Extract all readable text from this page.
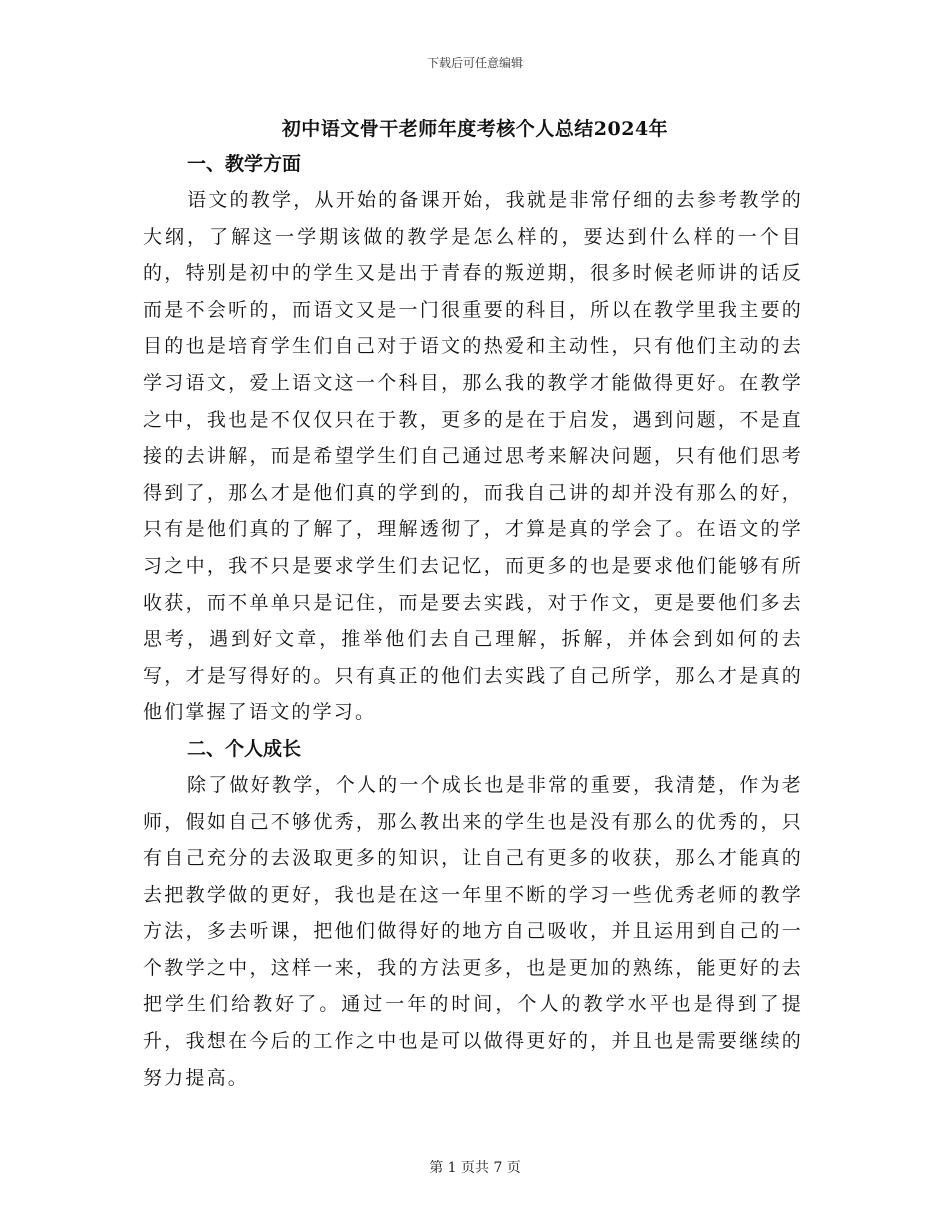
下载后可任意编辑
初中语文骨干老师年度考核个人总结2024年

一、教学方面

语文的教学，从开始的备课开始，我就是非常仔细的去参考教学的大纲，了解这一学期该做的教学是怎么样的，要达到什么样的一个目的，特别是初中的学生又是出于青春的叛逆期，很多时候老师讲的话反而是不会听的，而语文又是一门很重要的科目，所以在教学里我主要的目的也是培育学生们自己对于语文的热爱和主动性，只有他们主动的去学习语文，爱上语文这一个科目，那么我的教学才能做得更好。在教学之中，我也是不仅仅只在于教，更多的是在于启发，遇到问题，不是直接的去讲解，而是希望学生们自己通过思考来解决问题，只有他们思考得到了，那么才是他们真的学到的，而我自己讲的却并没有那么的好，只有是他们真的了解了，理解透彻了，才算是真的学会了。在语文的学习之中，我不只是要求学生们去记忆，而更多的也是要求他们能够有所收获，而不单单只是记住，而是要去实践，对于作文，更是要他们多去思考，遇到好文章，推举他们去自己理解，拆解，并体会到如何的去写，才是写得好的。只有真正的他们去实践了自己所学，那么才是真的他们掌握了语文的学习。

二、个人成长

除了做好教学，个人的一个成长也是非常的重要，我清楚，作为老师，假如自己不够优秀，那么教出来的学生也是没有那么的优秀的，只有自己充分的去汲取更多的知识，让自己有更多的收获，那么才能真的去把教学做的更好，我也是在这一年里不断的学习一些优秀老师的教学方法，多去听课，把他们做得好的地方自己吸收，并且运用到自己的一个教学之中，这样一来，我的方法更多，也是更加的熟练，能更好的去把学生们给教好了。通过一年的时间，个人的教学水平也是得到了提升，我想在今后的工作之中也是可以做得更好的，并且也是需要继续的努力提高。

第 1 页共 7 页
